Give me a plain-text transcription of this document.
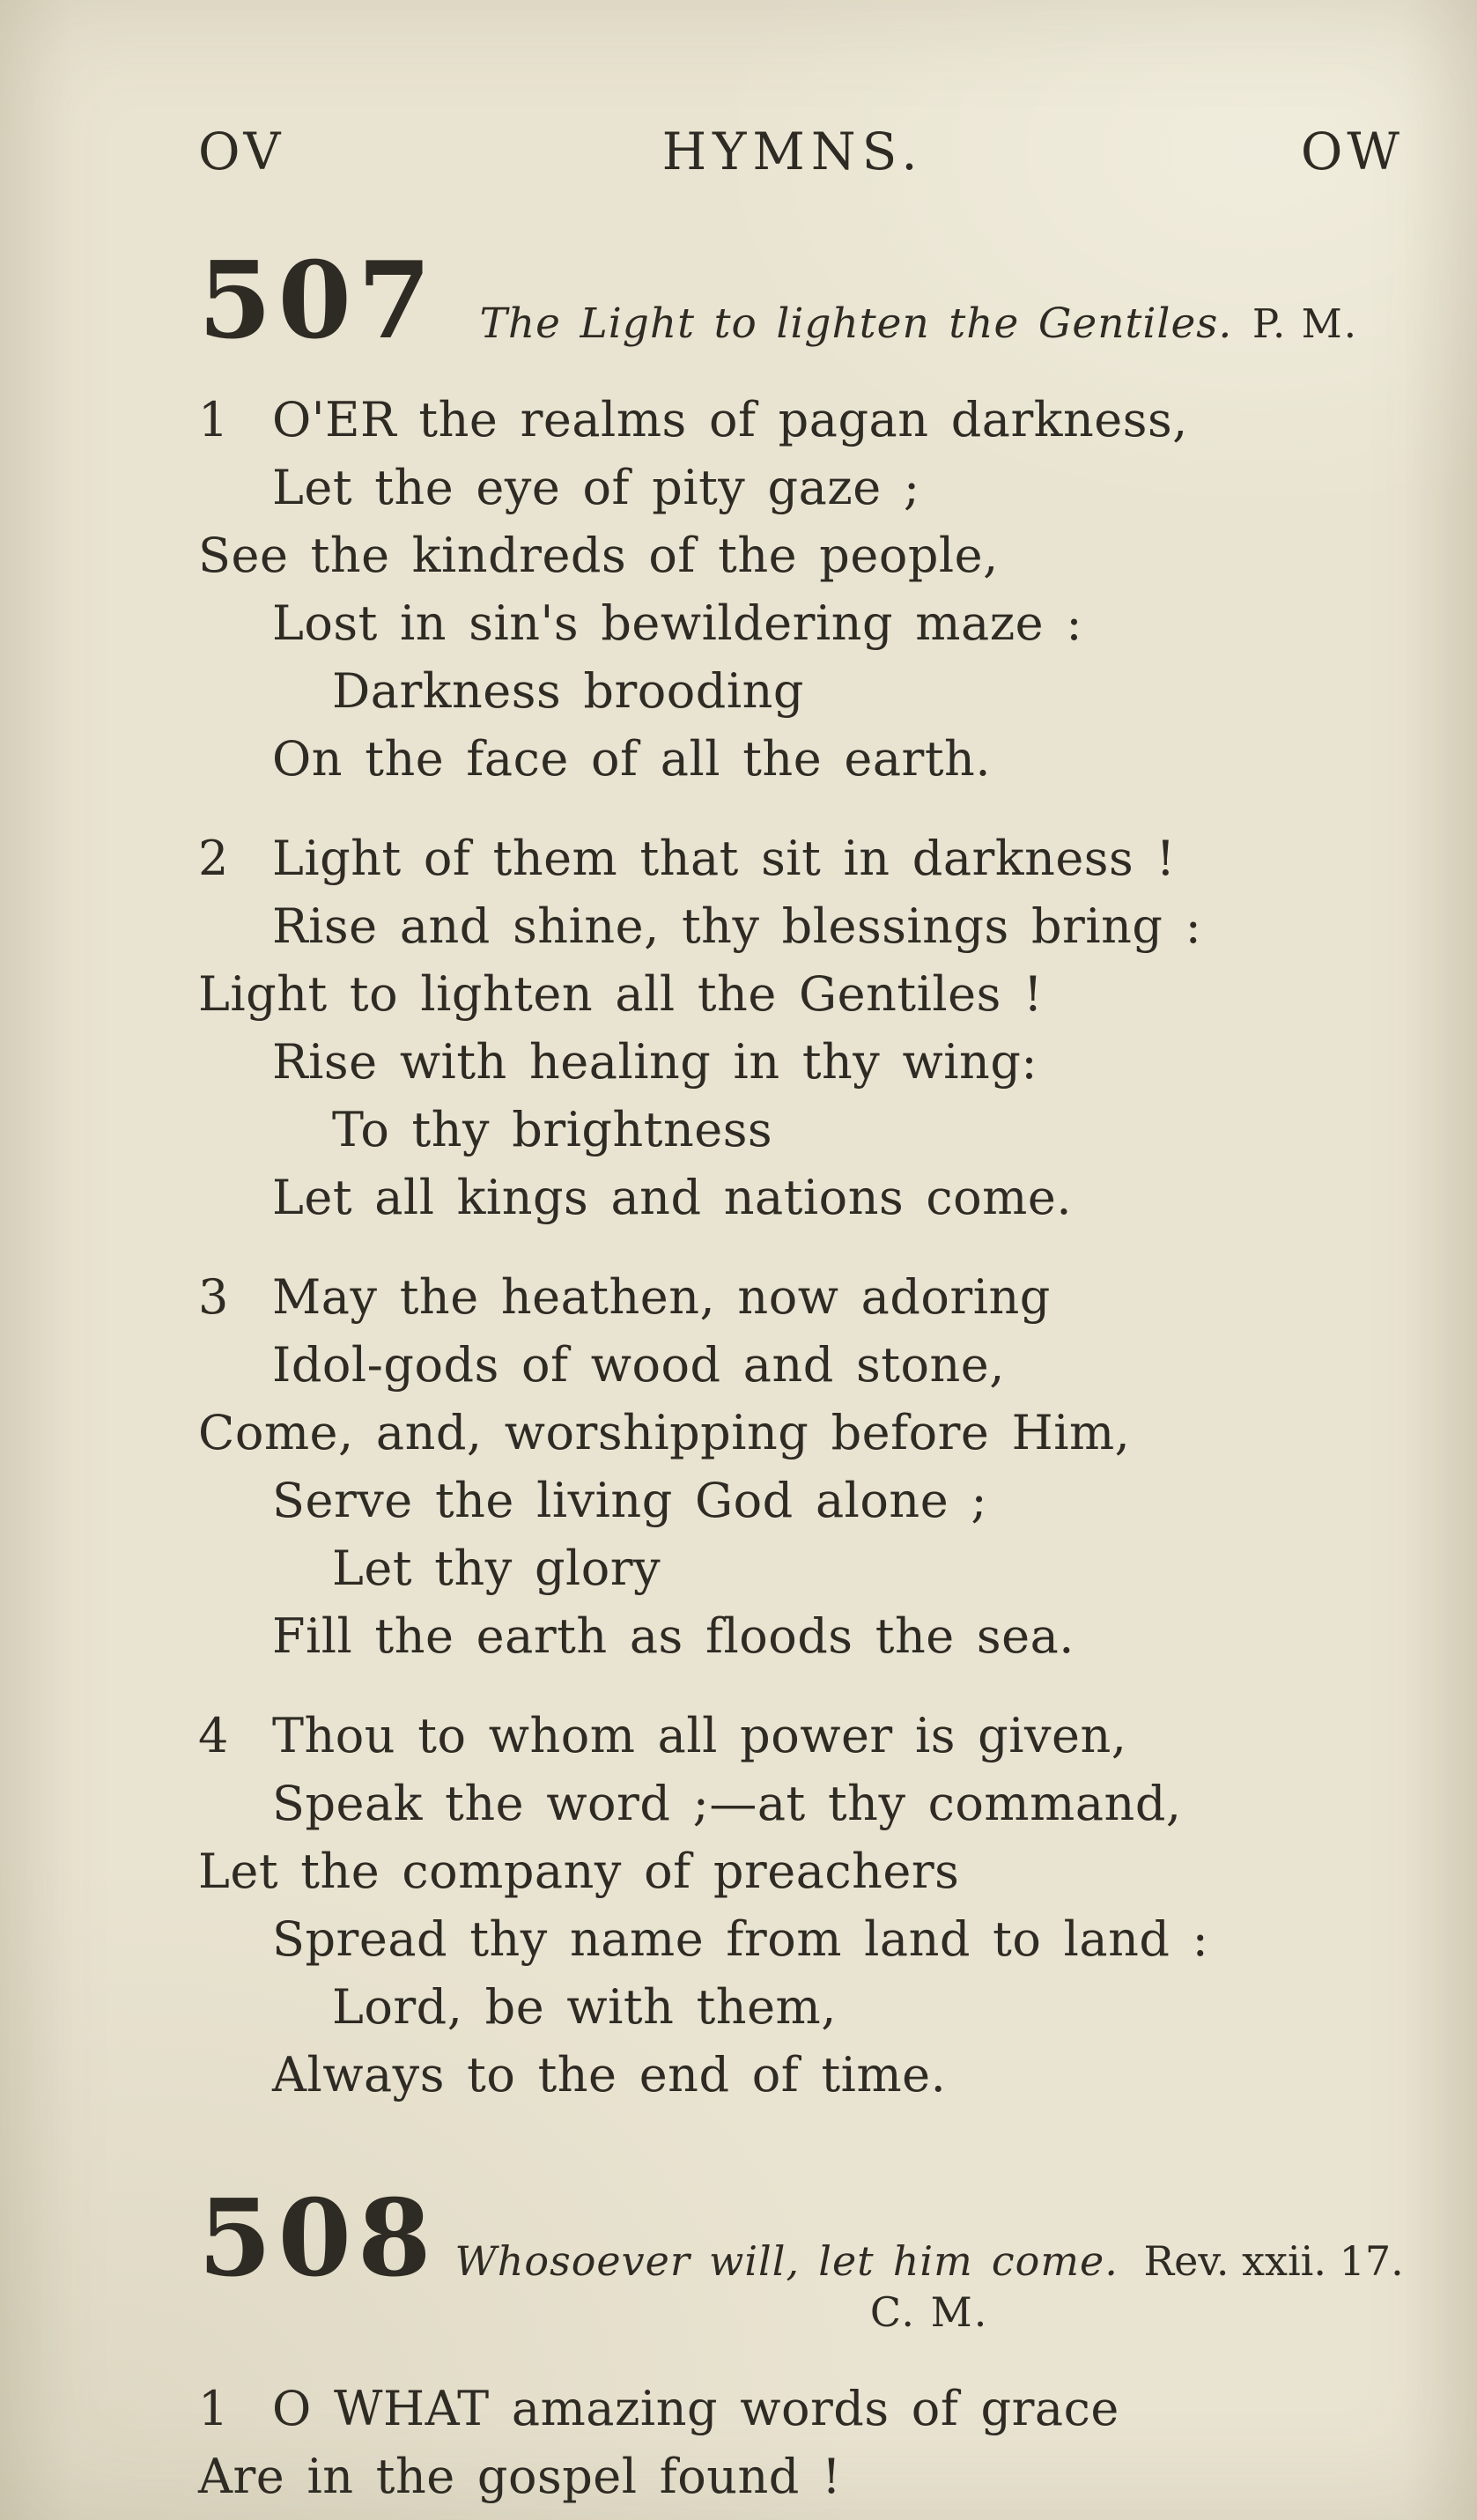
OV	HYMNS.	OW
507 The Light to lighten the Gentiles. P. M.
1 O'ER the realms of pagan darkness,
Let the eye of pity gaze ;
See the kindreds of the people,
Lost in sin's bewildering maze :
Darkness brooding
On the face of all the earth.
2 Light of them that sit in darkness !
Rise and shine, thy blessings bring :
Light to lighten all the Gentiles !
Rise with healing in thy wing:
To thy brightness
Let all kings and nations come.
3 May the heathen, now adoring
Idol-gods of wood and stone,
Come, and, worshipping before Him,
Serve the living God alone ;
Let thy glory
Fill the earth as floods the sea.
4 Thou to whom all power is given,
Speak the word ;—at thy command,
Let the company of preachers
Spread thy name from land to land :
Lord, be with them,
Always to the end of time.
508 Whosoever will, let him come. Rev. xxii. 17.
C. M.
1 O WHAT amazing words of grace
Are in the gospel found !
